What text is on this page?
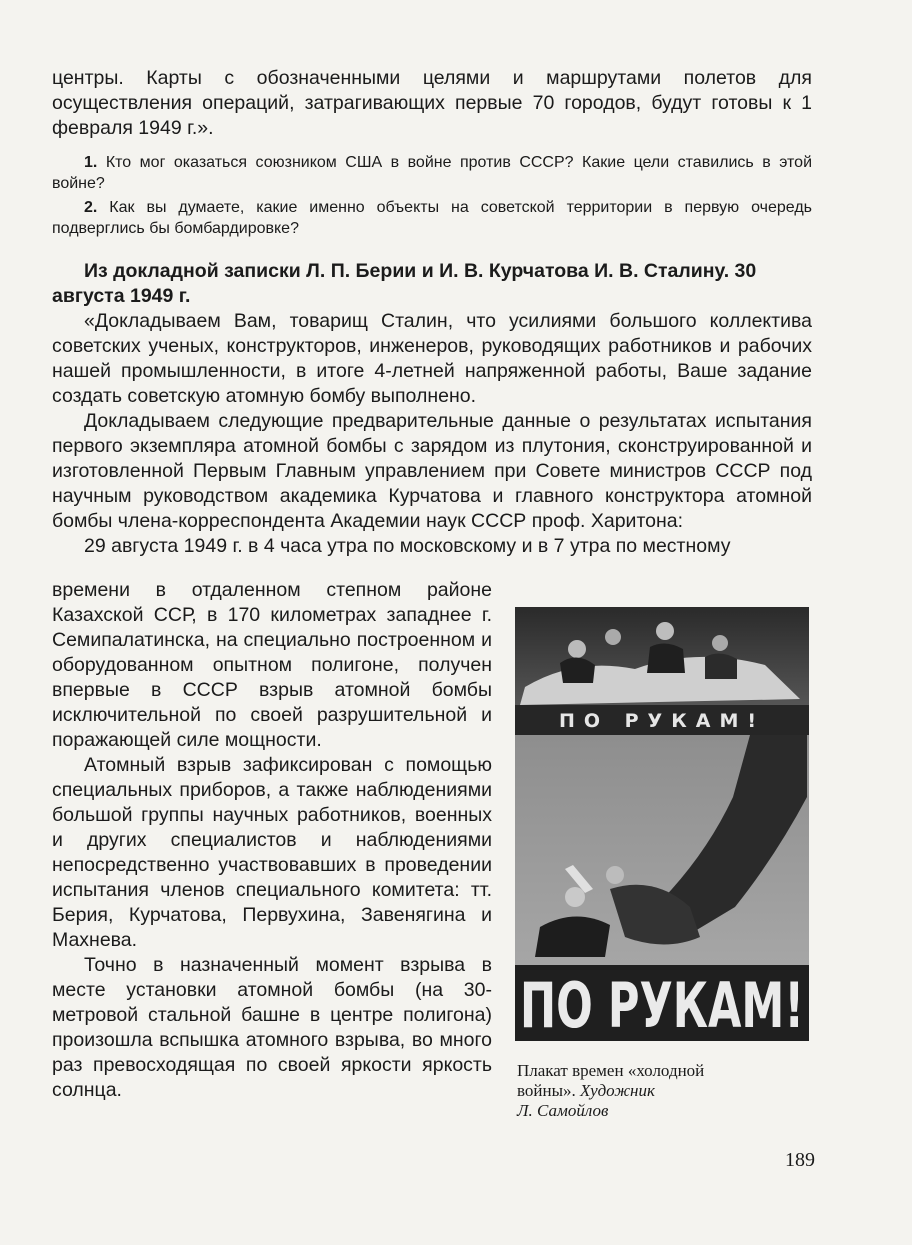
центры. Карты с обозначенными целями и маршрутами полетов для осуществления операций, затрагивающих первые 70 городов, будут готовы к 1 февраля 1949 г.».

1. Кто мог оказаться союзником США в войне против СССР? Какие цели ставились в этой войне?

2. Как вы думаете, какие именно объекты на советской территории в первую очередь подверглись бы бомбардировке?

Из докладной записки Л. П. Берии и И. В. Курчатова И. В. Сталину. 30 августа 1949 г.

«Докладываем Вам, товарищ Сталин, что усилиями большого коллектива советских ученых, конструкторов, инженеров, руководящих работников и рабочих нашей промышленности, в итоге 4-летней напряженной работы, Ваше задание создать советскую атомную бомбу выполнено.

Докладываем следующие предварительные данные о результатах испытания первого экземпляра атомной бомбы с зарядом из плутония, сконструированной и изготовленной Первым Главным управлением при Совете министров СССР под научным руководством академика Курчатова и главного конструктора атомной бомбы члена-корреспондента Академии наук СССР проф. Харитона:

29 августа 1949 г. в 4 часа утра по московскому и в 7 утра по местному

времени в отдаленном степном районе Казахской ССР, в 170 километрах западнее г. Семипалатинска, на специально построенном и оборудованном опытном полигоне, получен впервые в СССР взрыв атомной бомбы исключительной по своей разрушительной и поражающей силе мощности.

Атомный взрыв зафиксирован с помощью специальных приборов, а также наблюдениями большой группы научных работников, военных и других специалистов и наблюдениями непосредственно участвовавших в проведении испытания членов специального комитета: тт. Берия, Курчатова, Первухина, Завенягина и Махнева.

Точно в назначенный момент взрыва в месте установки атомной бомбы (на 30-метровой стальной башне в центре полигона) произошла вспышка атомного взрыва, во много раз превосходящая по своей яркости яркость солнца.

ПО РУКАМ!
ПО РУКАМ!
Плакат времен «холодной войны». Художник
Л. Самойлов
189
